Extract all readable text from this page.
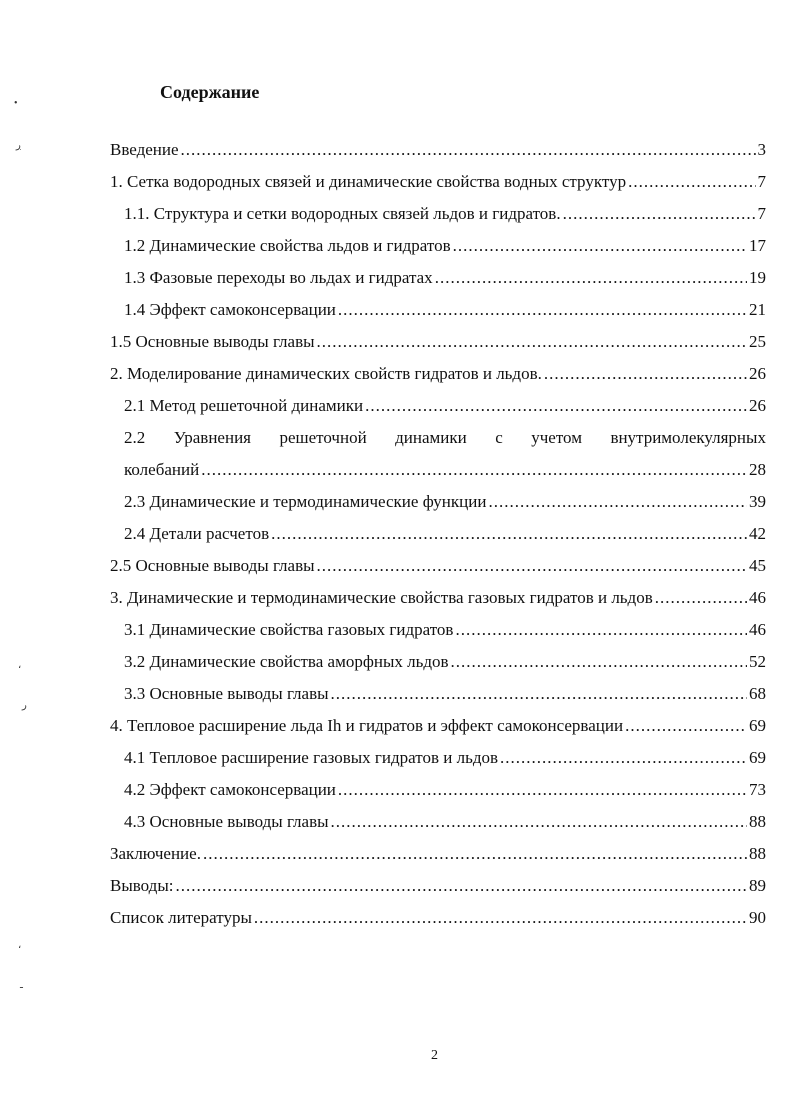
Содержание
Введение .....	3
1. Сетка водородных связей и динамические свойства водных структур .....	7
1.1. Структура и сетки водородных связей льдов и гидратов. .....	7
1.2 Динамические свойства льдов и гидратов .....	17
1.3 Фазовые переходы во льдах и гидратах .....	19
1.4 Эффект самоконсервации .....	21
1.5 Основные выводы главы .....	25
2. Моделирование динамических свойств гидратов и льдов. .....	26
2.1 Метод решеточной динамики .....	26
2.2 Уравнения решеточной динамики с учетом внутримолекулярных
колебаний .....	28
2.3 Динамические и термодинамические функции .....	39
2.4 Детали расчетов .....	42
2.5 Основные выводы главы .....	45
3. Динамические и термодинамические свойства газовых гидратов и льдов .....	46
3.1 Динамические свойства газовых гидратов .....	46
3.2 Динамические свойства аморфных льдов .....	52
3.3 Основные выводы главы .....	68
4. Тепловое расширение льда Ih и гидратов и эффект самоконсервации .....	69
4.1 Тепловое расширение газовых гидратов и льдов .....	69
4.2 Эффект самоконсервации .....	73
4.3 Основные выводы главы .....	88
Заключение. .....	88
Выводы: .....	89
Список литературы .....	90
2
•
ڔ
،
ﺭ
،
ـ
